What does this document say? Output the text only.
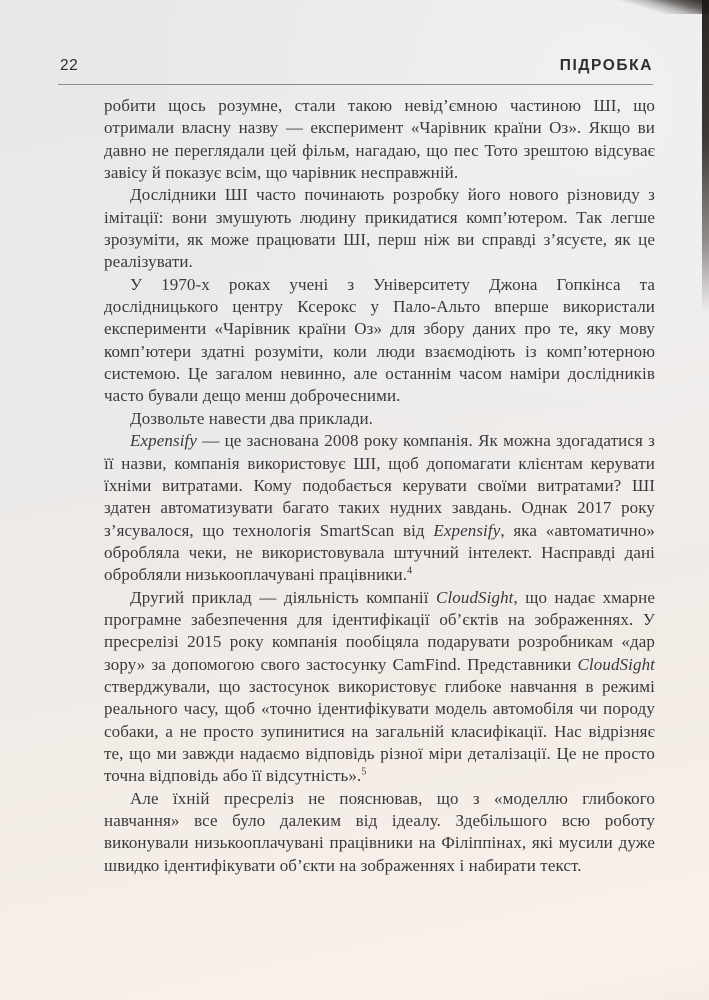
22	ПІДРОБКА

робити щось розумне, стали такою невід’ємною частиною ШІ, що отримали власну назву — експеримент «Чарівник країни Оз». Якщо ви давно не переглядали цей фільм, нагадаю, що пес Тото зрештою відсуває завісу й показує всім, що чарівник несправжній.

Дослідники ШІ часто починають розробку його нового різновиду з імітації: вони змушують людину прикидатися комп’ютером. Так легше зрозуміти, як може працювати ШІ, перш ніж ви справді з’ясуєте, як це реалізувати.

У 1970-х роках учені з Університету Джона Гопкінса та дослідницького центру Ксерокс у Пало-Альто вперше використали експерименти «Чарівник країни Оз» для збору даних про те, яку мову комп’ютери здатні розуміти, коли люди взаємодіють із комп’ютерною системою. Це загалом невинно, але останнім часом наміри дослідників часто бували дещо менш доброчесними.

Дозвольте навести два приклади.

Expensify — це заснована 2008 року компанія. Як можна здогадатися з її назви, компанія використовує ШІ, щоб допомагати клієнтам керувати їхніми витратами. Кому подобається керувати своїми витратами? ШІ здатен автоматизувати багато таких нудних завдань. Однак 2017 року з’ясувалося, що технологія SmartScan від Expensify, яка «автоматично» обробляла чеки, не використовувала штучний інтелект. Насправді дані обробляли низькооплачувані працівники.$^4$

Другий приклад — діяльність компанії CloudSight, що надає хмарне програмне забезпечення для ідентифікації об’єктів на зображеннях. У пресрелізі 2015 року компанія пообіцяла подарувати розробникам «дар зору» за допомогою свого застосунку CamFind. Представники CloudSight стверджували, що застосунок використовує глибоке навчання в режимі реального часу, щоб «точно ідентифікувати модель автомобіля чи породу собаки, а не просто зупинитися на загальній класифікації. Нас відрізняє те, що ми завжди надаємо відповідь різної міри деталізації. Це не просто точна відповідь або її відсутність».$^5$

Але їхній пресреліз не пояснював, що з «моделлю глибокого навчання» все було далеким від ідеалу. Здебільшого всю роботу виконували низькооплачувані працівники на Філіппінах, які мусили дуже швидко ідентифікувати об’єкти на зображеннях і набирати текст.
